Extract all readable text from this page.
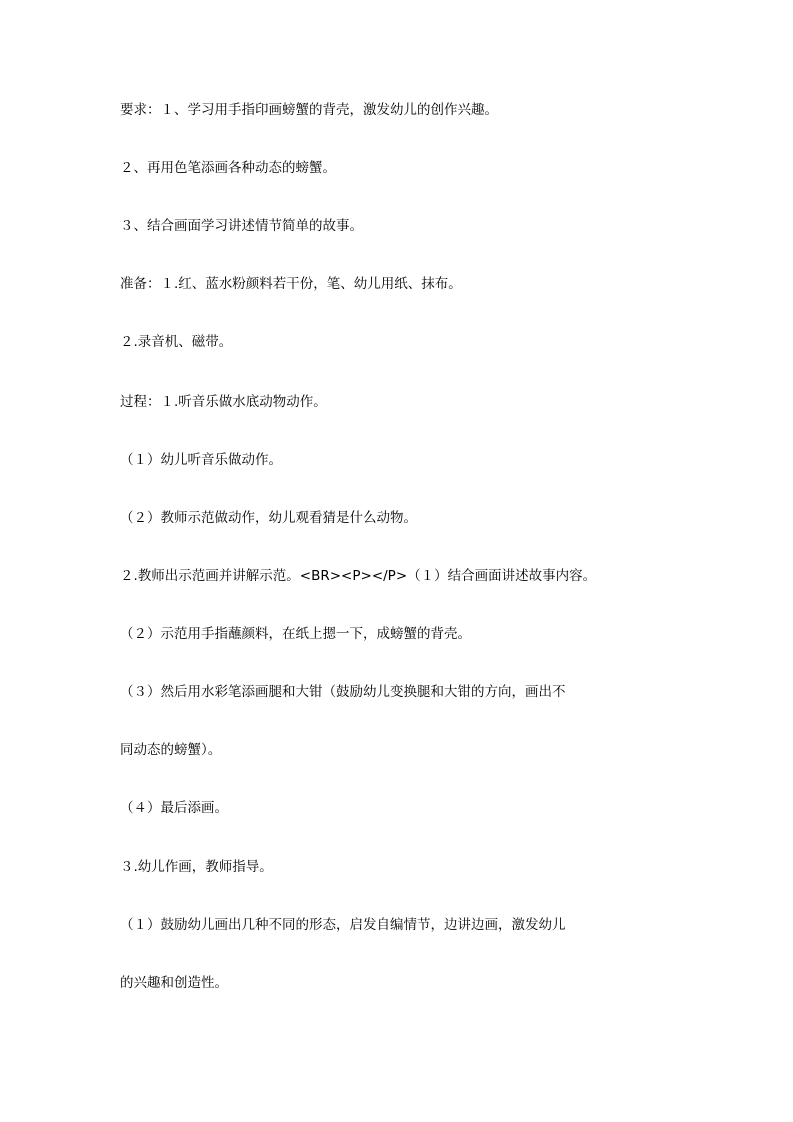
要求：１、学习用手指印画螃蟹的背壳，激发幼儿的创作兴趣。
２、再用色笔添画各种动态的螃蟹。
３、结合画面学习讲述情节简单的故事。
准备：１.红、蓝水粉颜料若干份，笔、幼儿用纸、抹布。
２.录音机、磁带。
过程：１.听音乐做水底动物动作。
（１）幼儿听音乐做动作。
（２）教师示范做动作，幼儿观看猜是什么动物。
２.教师出示范画并讲解示范。<BR><P></P>（１）结合画面讲述故事内容。
（２）示范用手指蘸颜料，在纸上摁一下，成螃蟹的背壳。
（３）然后用水彩笔添画腿和大钳（鼓励幼儿变换腿和大钳的方向，画出不
同动态的螃蟹）。
（４）最后添画。
３.幼儿作画，教师指导。
（１）鼓励幼儿画出几种不同的形态，启发自编情节，边讲边画，激发幼儿
的兴趣和创造性。
